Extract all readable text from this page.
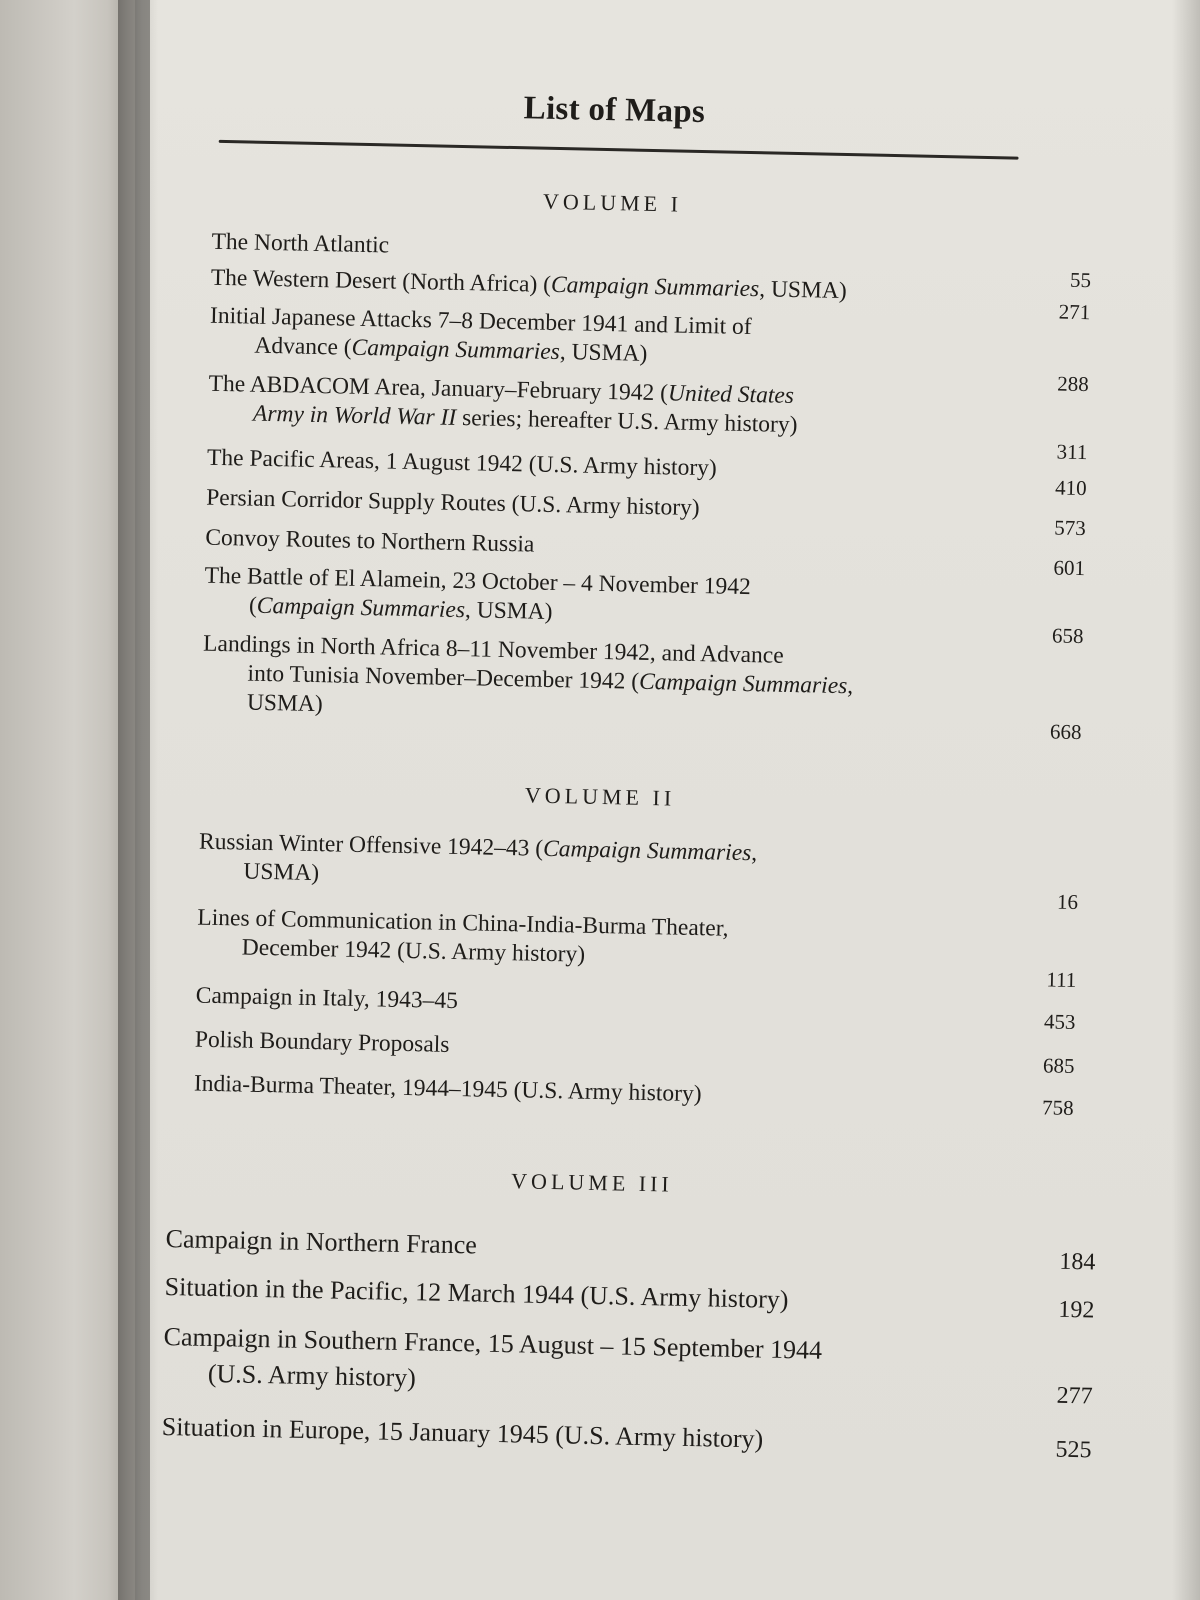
List of Maps
VOLUME I
The North Atlantic
55
The Western Desert (North Africa) (Campaign Summaries, USMA)
271
Initial Japanese Attacks 7–8 December 1941 and Limit of
Advance (Campaign Summaries, USMA)
288
The ABDACOM Area, January–February 1942 (United States
Army in World War II series; hereafter U.S. Army history)
311
The Pacific Areas, 1 August 1942 (U.S. Army history)
410
Persian Corridor Supply Routes (U.S. Army history)
573
Convoy Routes to Northern Russia
601
The Battle of El Alamein, 23 October – 4 November 1942
(Campaign Summaries, USMA)
658
Landings in North Africa 8–11 November 1942, and Advance
into Tunisia November–December 1942 (Campaign Summaries,
USMA)
668
VOLUME II
Russian Winter Offensive 1942–43 (Campaign Summaries,
USMA)
16
Lines of Communication in China-India-Burma Theater,
December 1942 (U.S. Army history)
111
Campaign in Italy, 1943–45
453
Polish Boundary Proposals
685
India-Burma Theater, 1944–1945 (U.S. Army history)
758
VOLUME III
Campaign in Northern France
184
Situation in the Pacific, 12 March 1944 (U.S. Army history)	192
Campaign in Southern France, 15 August – 15 September 1944
(U.S. Army history)
277
Situation in Europe, 15 January 1945 (U.S. Army history)	525
